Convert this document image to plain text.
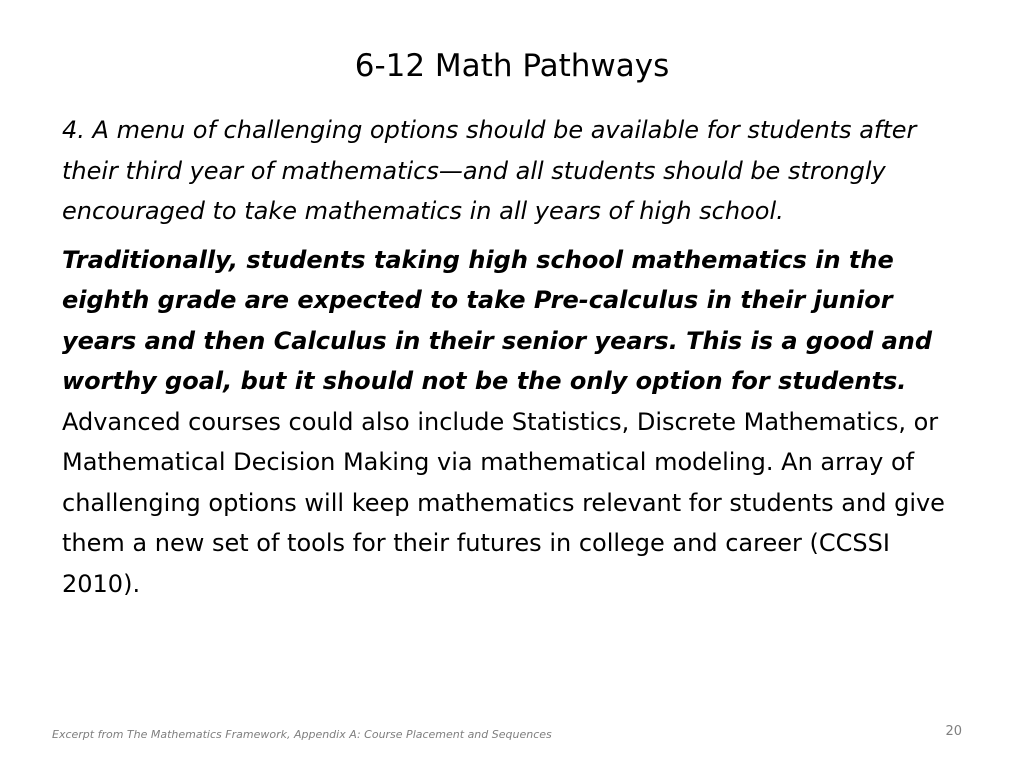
6-12 Math Pathways

4. A menu of challenging options should be available for students after their third year of mathematics—and all students should be strongly encouraged to take mathematics in all years of high school.

Traditionally, students taking high school mathematics in the eighth grade are expected to take Pre-calculus in their junior years and then Calculus in their senior years. This is a good and worthy goal, but it should not be the only option for students. Advanced courses could also include Statistics, Discrete Mathematics, or Mathematical Decision Making via mathematical modeling. An array of challenging options will keep mathematics relevant for students and give them a new set of tools for their futures in college and career (CCSSI 2010).

Excerpt from The Mathematics Framework, Appendix A: Course Placement and Sequences	20
